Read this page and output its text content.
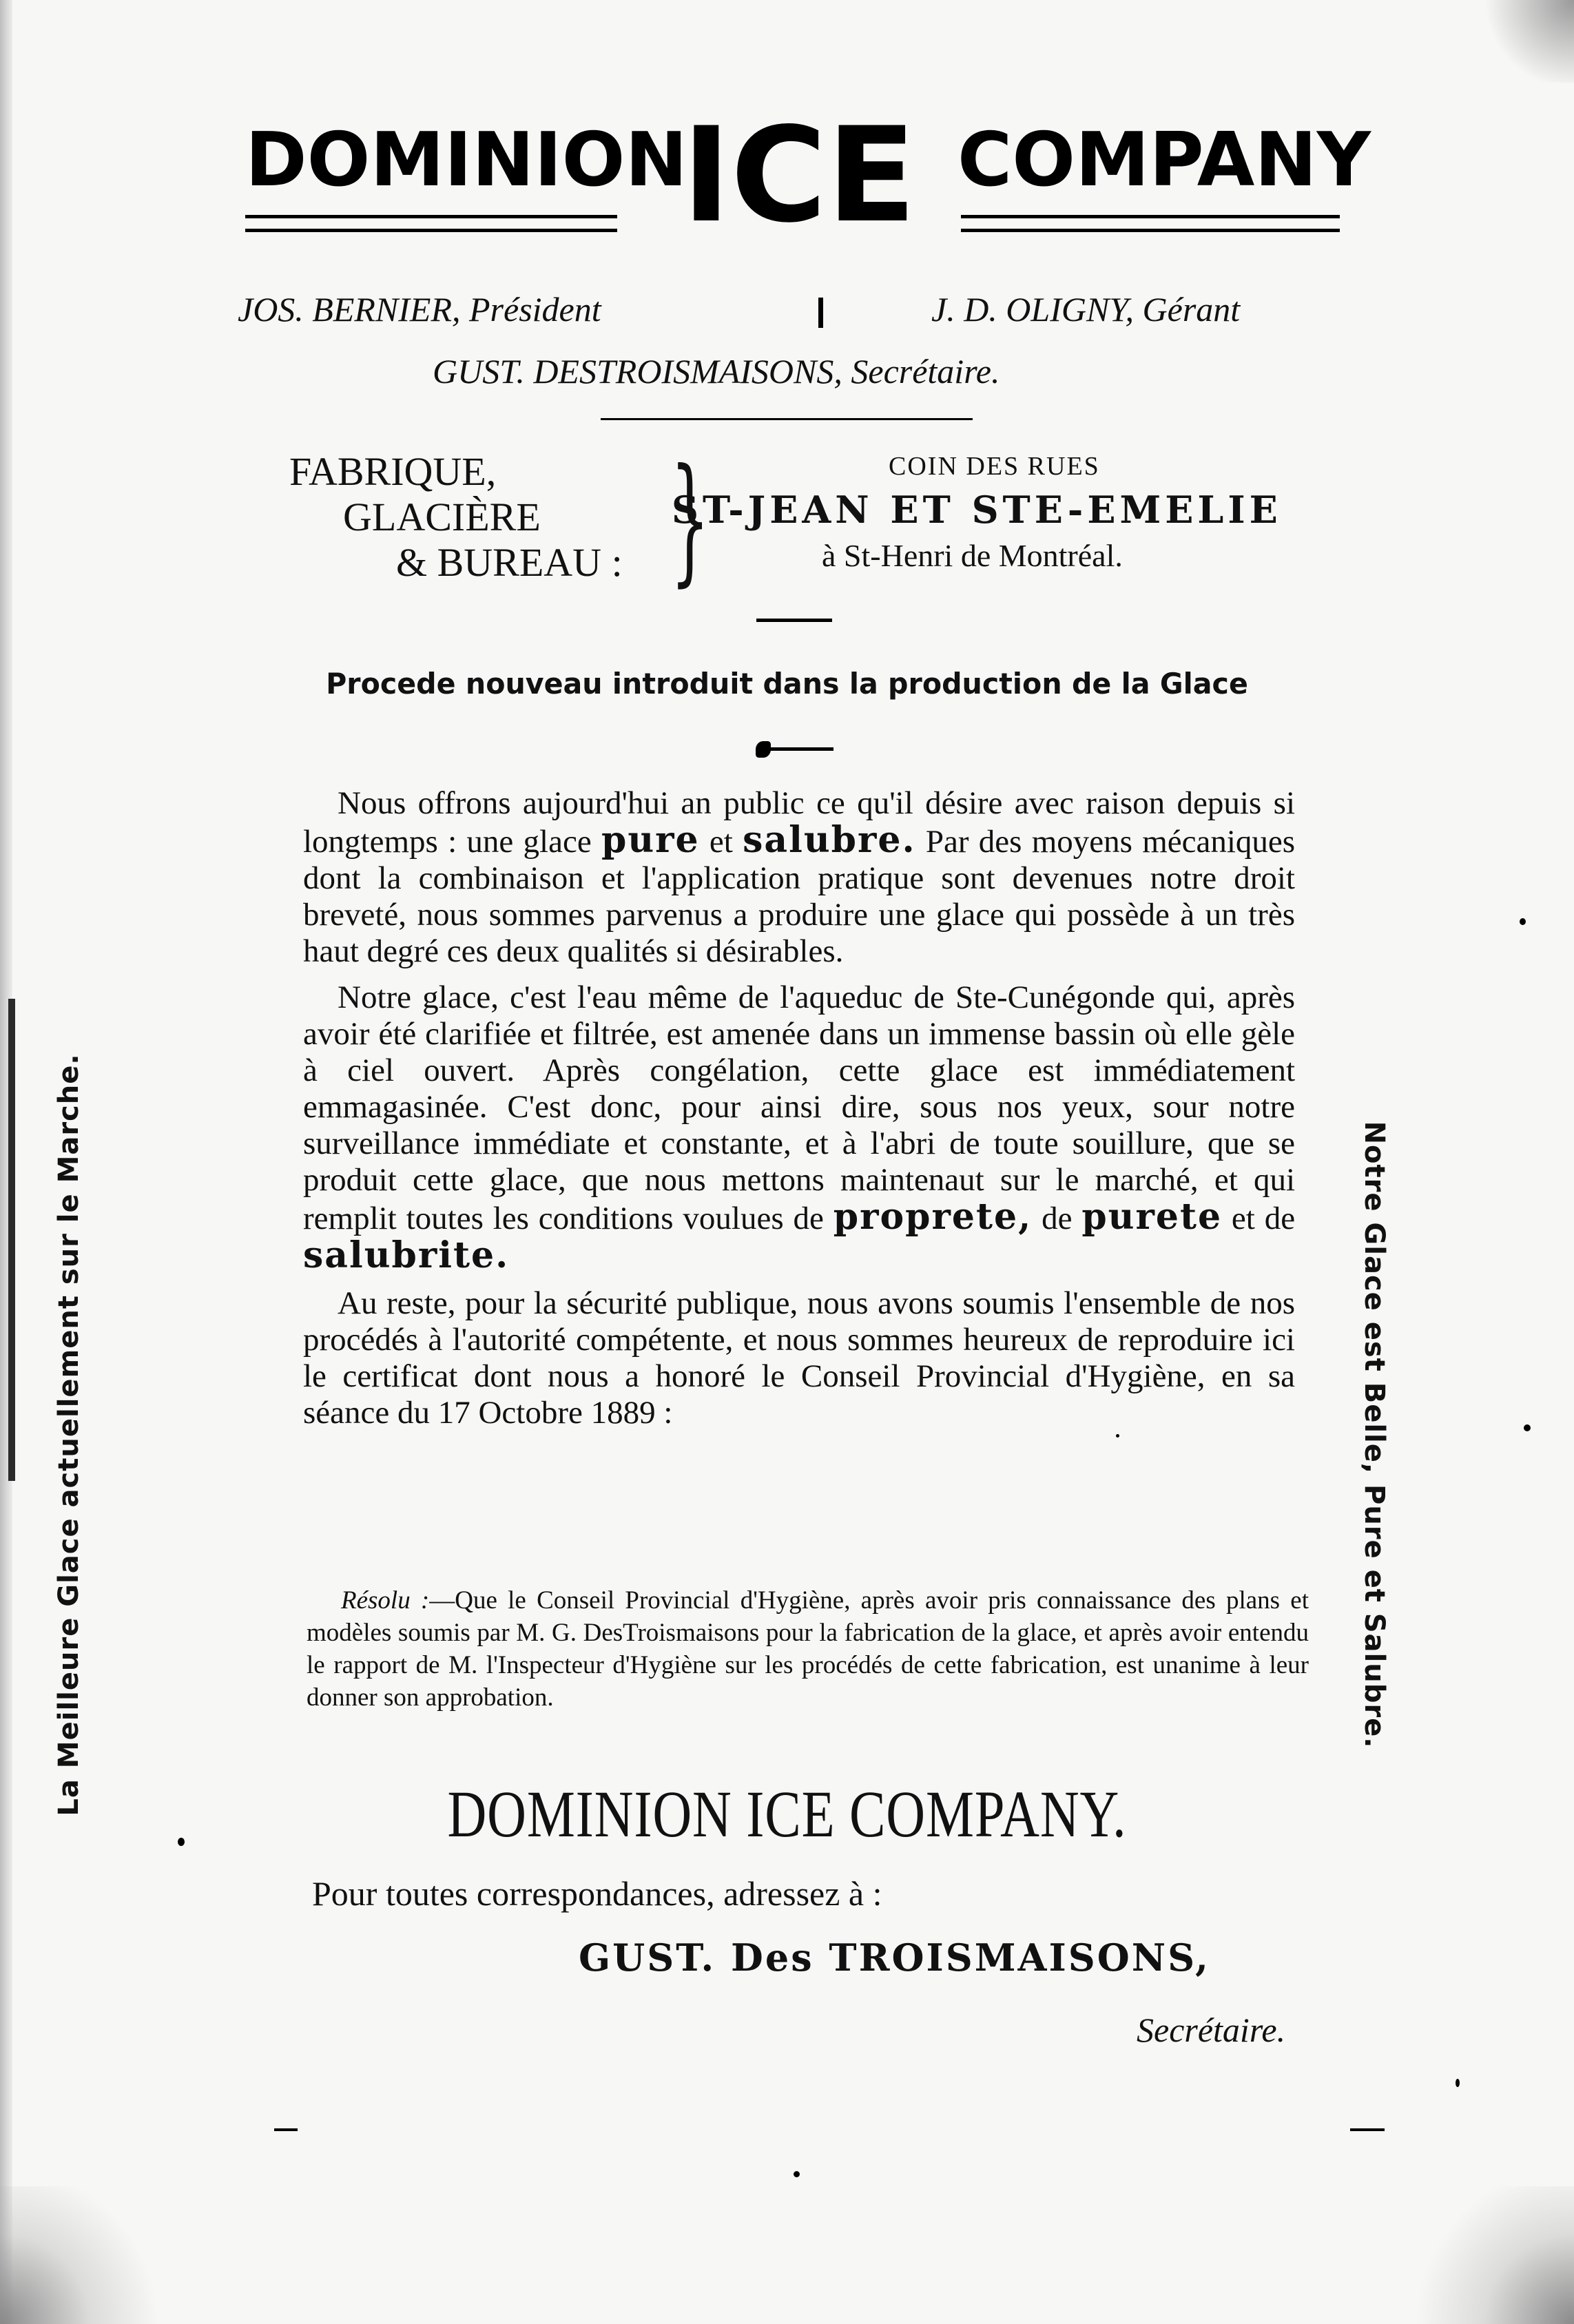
DOMINION
ICE COMPANY
JOS. BERNIER, Président	J. D. OLIGNY, Gérant
GUST. DESTROISMAISONS, Secrétaire.
FABRIQUE,
GLACIÈRE
& BUREAU : }	COIN DES RUES
ST-JEAN ET STE-EMELIE
à St-Henri de Montréal.
Procede nouveau introduit dans la production de la Glace

Nous offrons aujourd'hui an public ce qu'il désire avec raison depuis si longtemps : une glace pure et salubre. Par des moyens mécaniques dont la combinaison et l'application pratique sont devenues notre droit breveté, nous sommes parvenus a produire une glace qui possède à un très haut degré ces deux qualités si désirables.

Notre glace, c'est l'eau même de l'aqueduc de Ste-Cunégonde qui, après avoir été clarifiée et filtrée, est amenée dans un immense bassin où elle gèle à ciel ouvert. Après congélation, cette glace est immédiatement emmagasinée. C'est donc, pour ainsi dire, sous nos yeux, sour notre surveillance immédiate et constante, et à l'abri de toute souillure, que se produit cette glace, que nous mettons maintenaut sur le marché, et qui remplit toutes les conditions voulues de proprete, de purete et de salubrite.

Au reste, pour la sécurité publique, nous avons soumis l'ensemble de nos procédés à l'autorité compétente, et nous sommes heureux de reproduire ici le certificat dont nous a honoré le Conseil Provincial d'Hygiène, en sa séance du 17 Octobre 1889 :

Résolu :—Que le Conseil Provincial d'Hygiène, après avoir pris connaissance des plans et modèles soumis par M. G. DesTroismaisons pour la fabrication de la glace, et après avoir entendu le rapport de M. l'Inspecteur d'Hygiène sur les procédés de cette fabrication, est unanime à leur donner son approbation.
La Meilleure Glace actuellement sur le Marche.	Notre Glace est Belle, Pure et Salubre.
DOMINION ICE COMPANY.
Pour toutes correspondances, adressez à :
GUST. Des TROISMAISONS,
Secrétaire.
